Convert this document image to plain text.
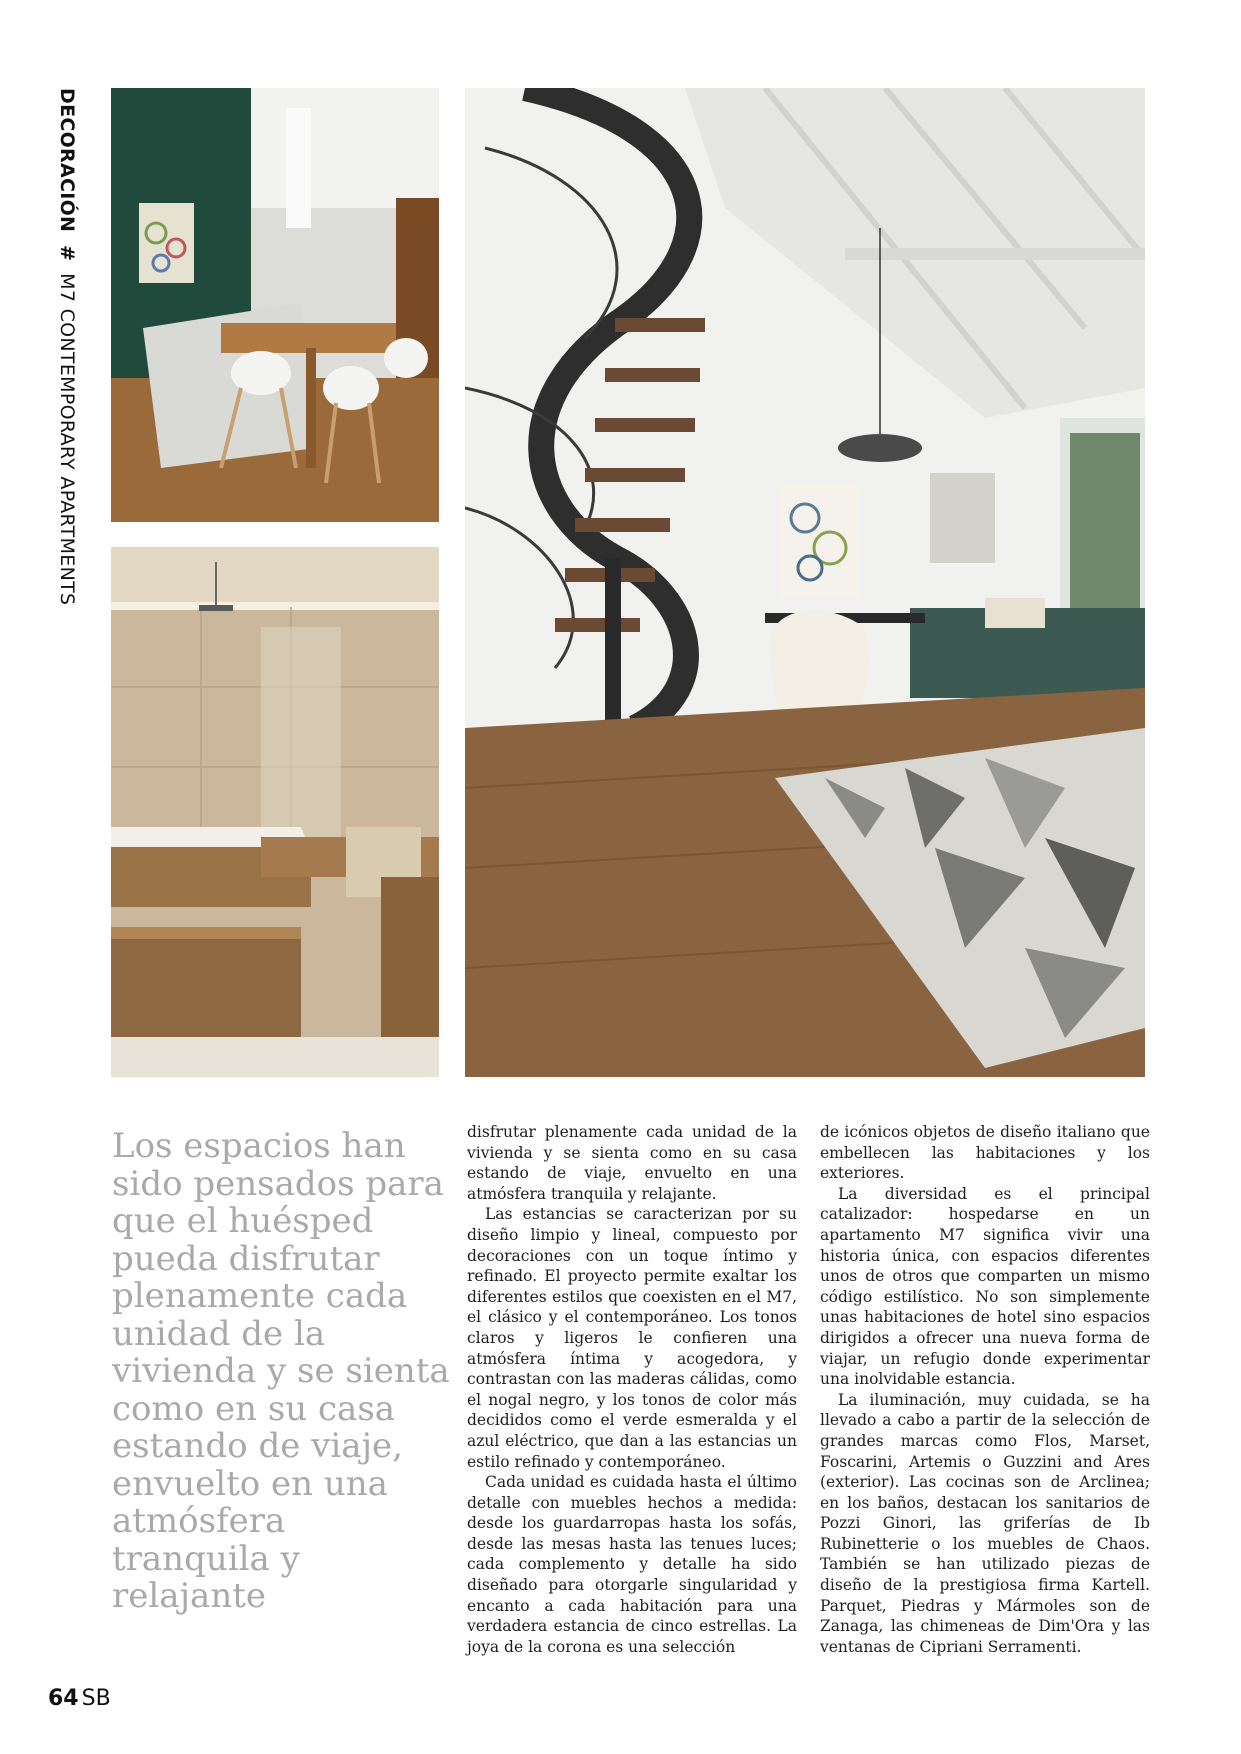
DECORACIÓN # M7 CONTEMPORARY APARTMENTS

Los espacios han sido pensados para que el huésped pueda disfrutar plenamente cada unidad de la vivienda y se sienta como en su casa estando de viaje, envuelto en una atmósfera tranquila y relajante

disfrutar plenamente cada unidad de la vivienda y se sienta como en su casa estando de viaje, envuelto en una atmósfera tranquila y relajante.

Las estancias se caracterizan por su diseño limpio y lineal, compuesto por decoraciones con un toque íntimo y refinado. El proyecto permite exaltar los diferentes estilos que coexisten en el M7, el clásico y el contemporáneo. Los tonos claros y ligeros le confieren una atmósfera íntima y acogedora, y contrastan con las maderas cálidas, como el nogal negro, y los tonos de color más decididos como el verde esmeralda y el azul eléctrico, que dan a las estancias un estilo refinado y contemporáneo.

Cada unidad es cuidada hasta el último detalle con muebles hechos a medida: desde los guardarropas hasta los sofás, desde las mesas hasta las tenues luces; cada complemento y detalle ha sido diseñado para otorgarle singularidad y encanto a cada habitación para una verdadera estancia de cinco estrellas. La joya de la corona es una selección

de icónicos objetos de diseño italiano que embellecen las habitaciones y los exteriores.

La diversidad es el principal catalizador: hospedarse en un apartamento M7 significa vivir una historia única, con espacios diferentes unos de otros que comparten un mismo código estilístico. No son simplemente unas habitaciones de hotel sino espacios dirigidos a ofrecer una nueva forma de viajar, un refugio donde experimentar una inolvidable estancia.

La iluminación, muy cuidada, se ha llevado a cabo a partir de la selección de grandes marcas como Flos, Marset, Foscarini, Artemis o Guzzini and Ares (exterior). Las cocinas son de Arclinea; en los baños, destacan los sanitarios de Pozzi Ginori, las griferías de Ib Rubinetterie o los muebles de Chaos. También se han utilizado piezas de diseño de la prestigiosa firma Kartell. Parquet, Piedras y Mármoles son de Zanaga, las chimeneas de Dim'Ora y las ventanas de Cipriani Serramenti.

64 SB
